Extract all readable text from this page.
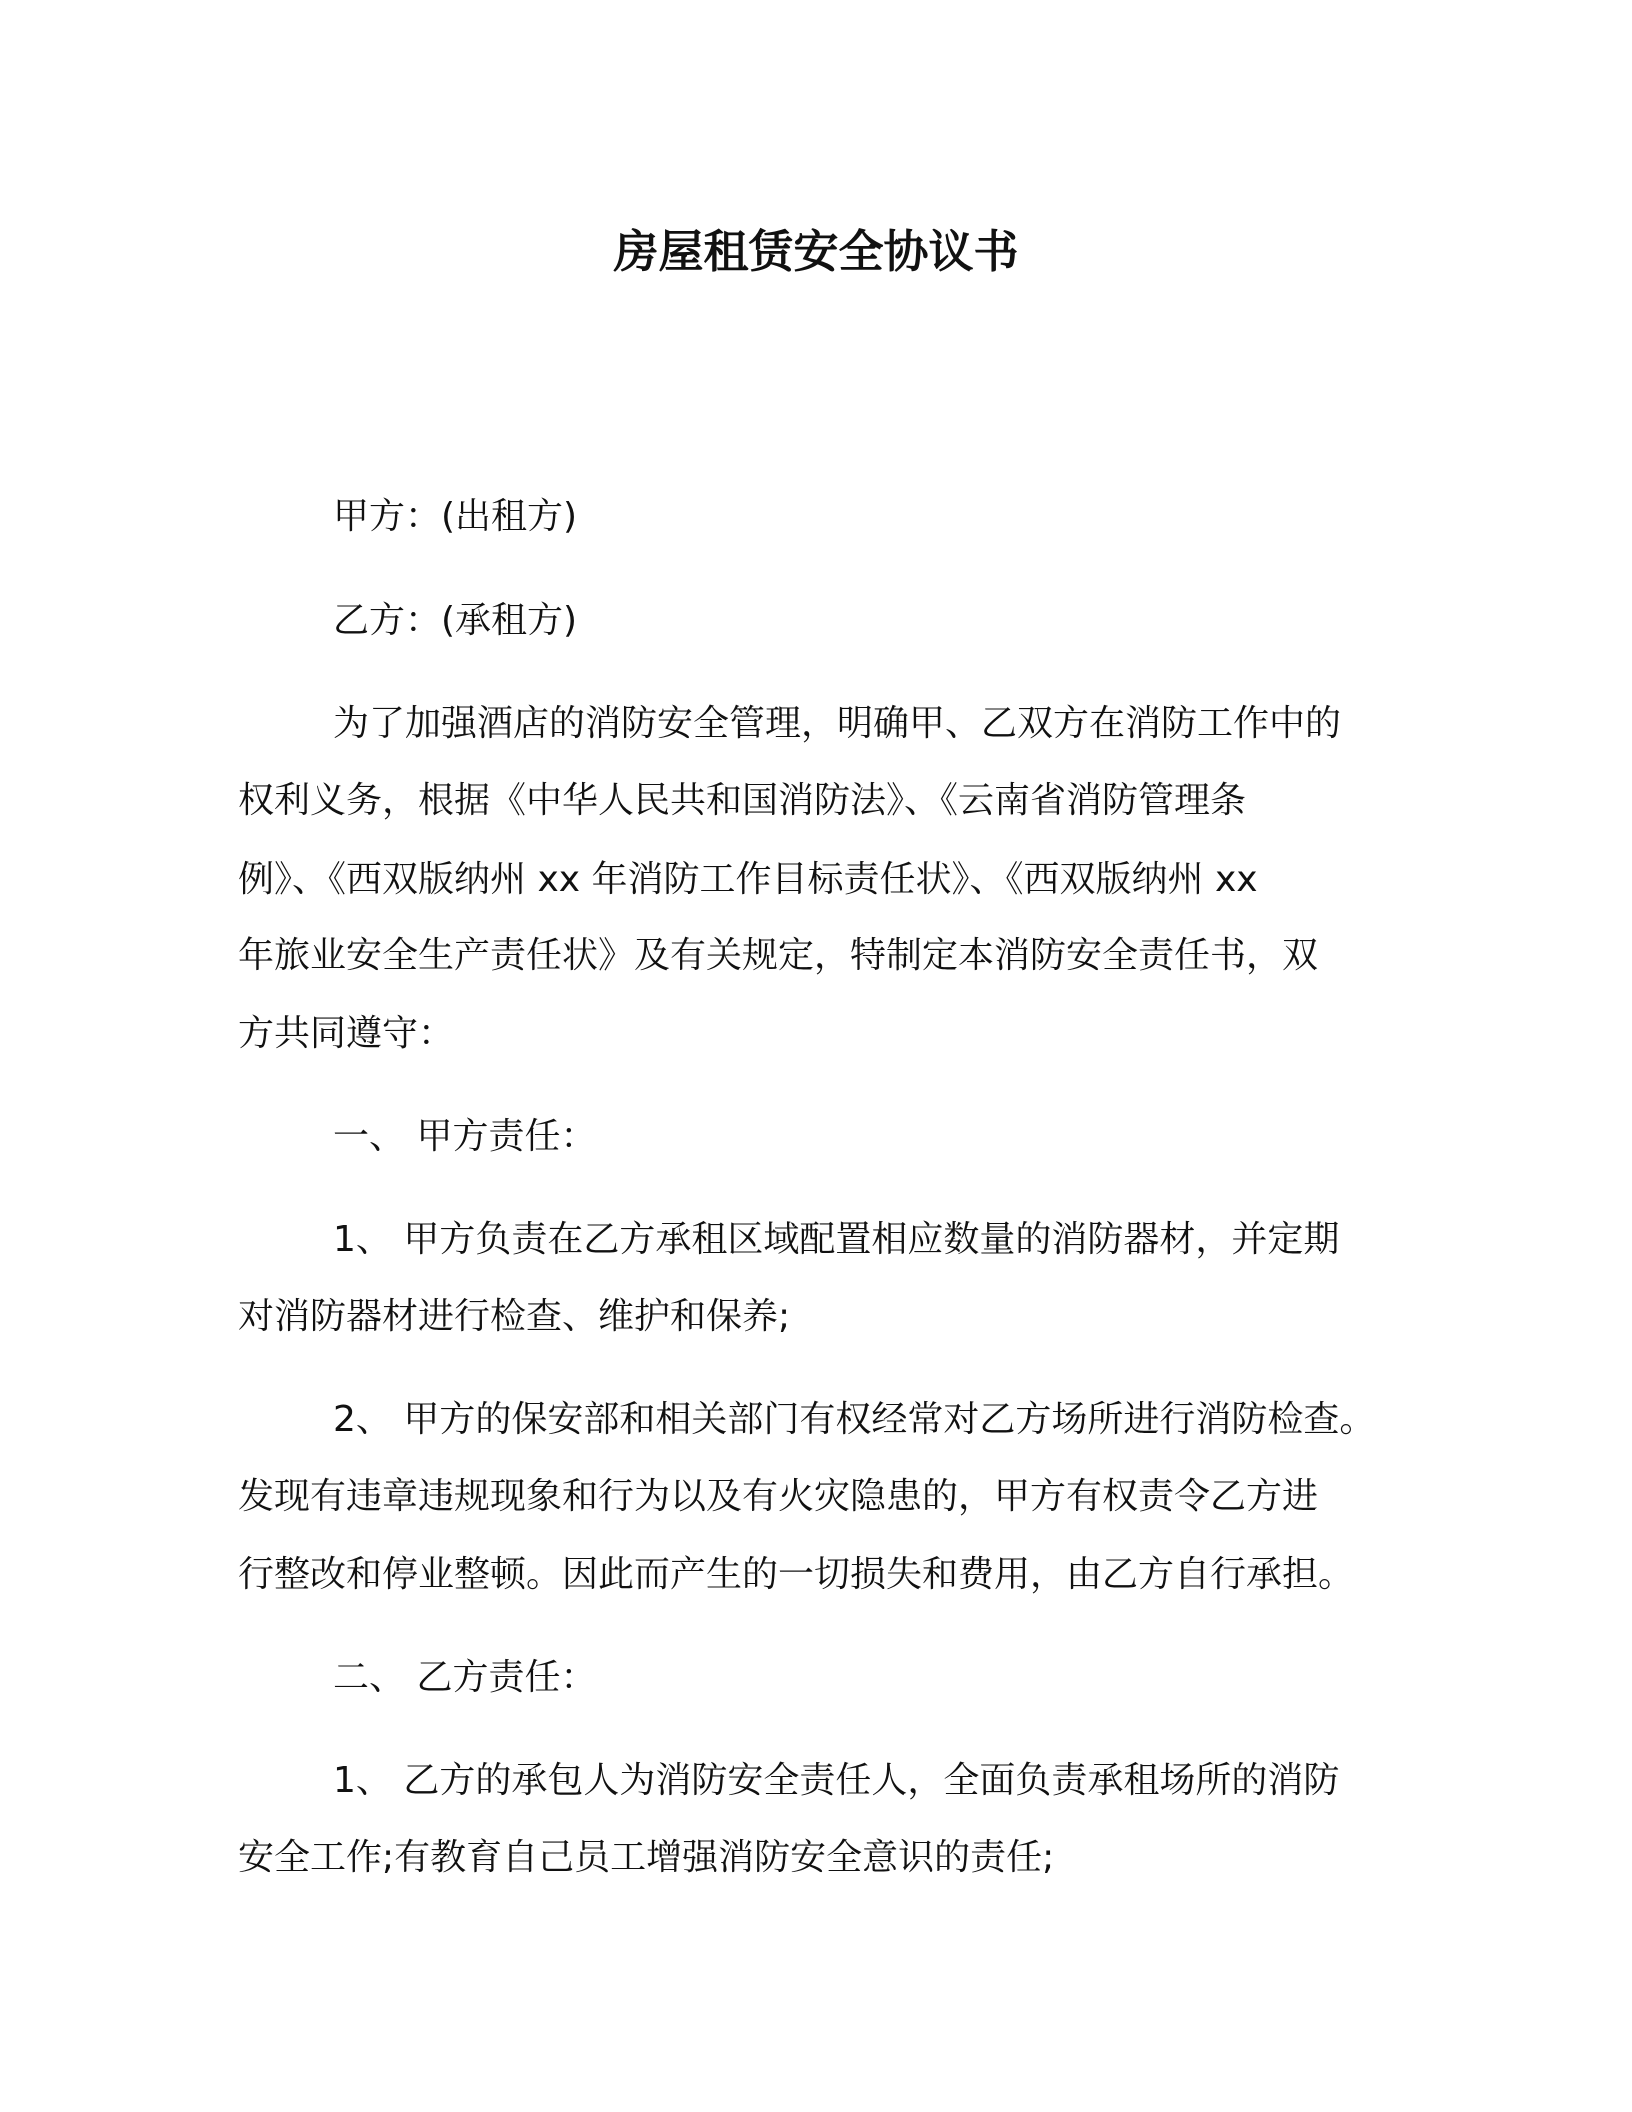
房屋租赁安全协议书
甲方：(出租方)
乙方：(承租方)
为了加强酒店的消防安全管理，明确甲、乙双方在消防工作中的
权利义务，根据《中华人民共和国消防法》、《云南省消防管理条
例》、《西双版纳州 xx 年消防工作目标责任状》、《西双版纳州 xx
年旅业安全生产责任状》及有关规定，特制定本消防安全责任书，双
方共同遵守：
一、 甲方责任：
1、 甲方负责在乙方承租区域配置相应数量的消防器材，并定期
对消防器材进行检查、维护和保养;
2、 甲方的保安部和相关部门有权经常对乙方场所进行消防检查。
发现有违章违规现象和行为以及有火灾隐患的，甲方有权责令乙方进
行整改和停业整顿。因此而产生的一切损失和费用，由乙方自行承担。
二、 乙方责任：
1、 乙方的承包人为消防安全责任人，全面负责承租场所的消防
安全工作;有教育自己员工增强消防安全意识的责任;
